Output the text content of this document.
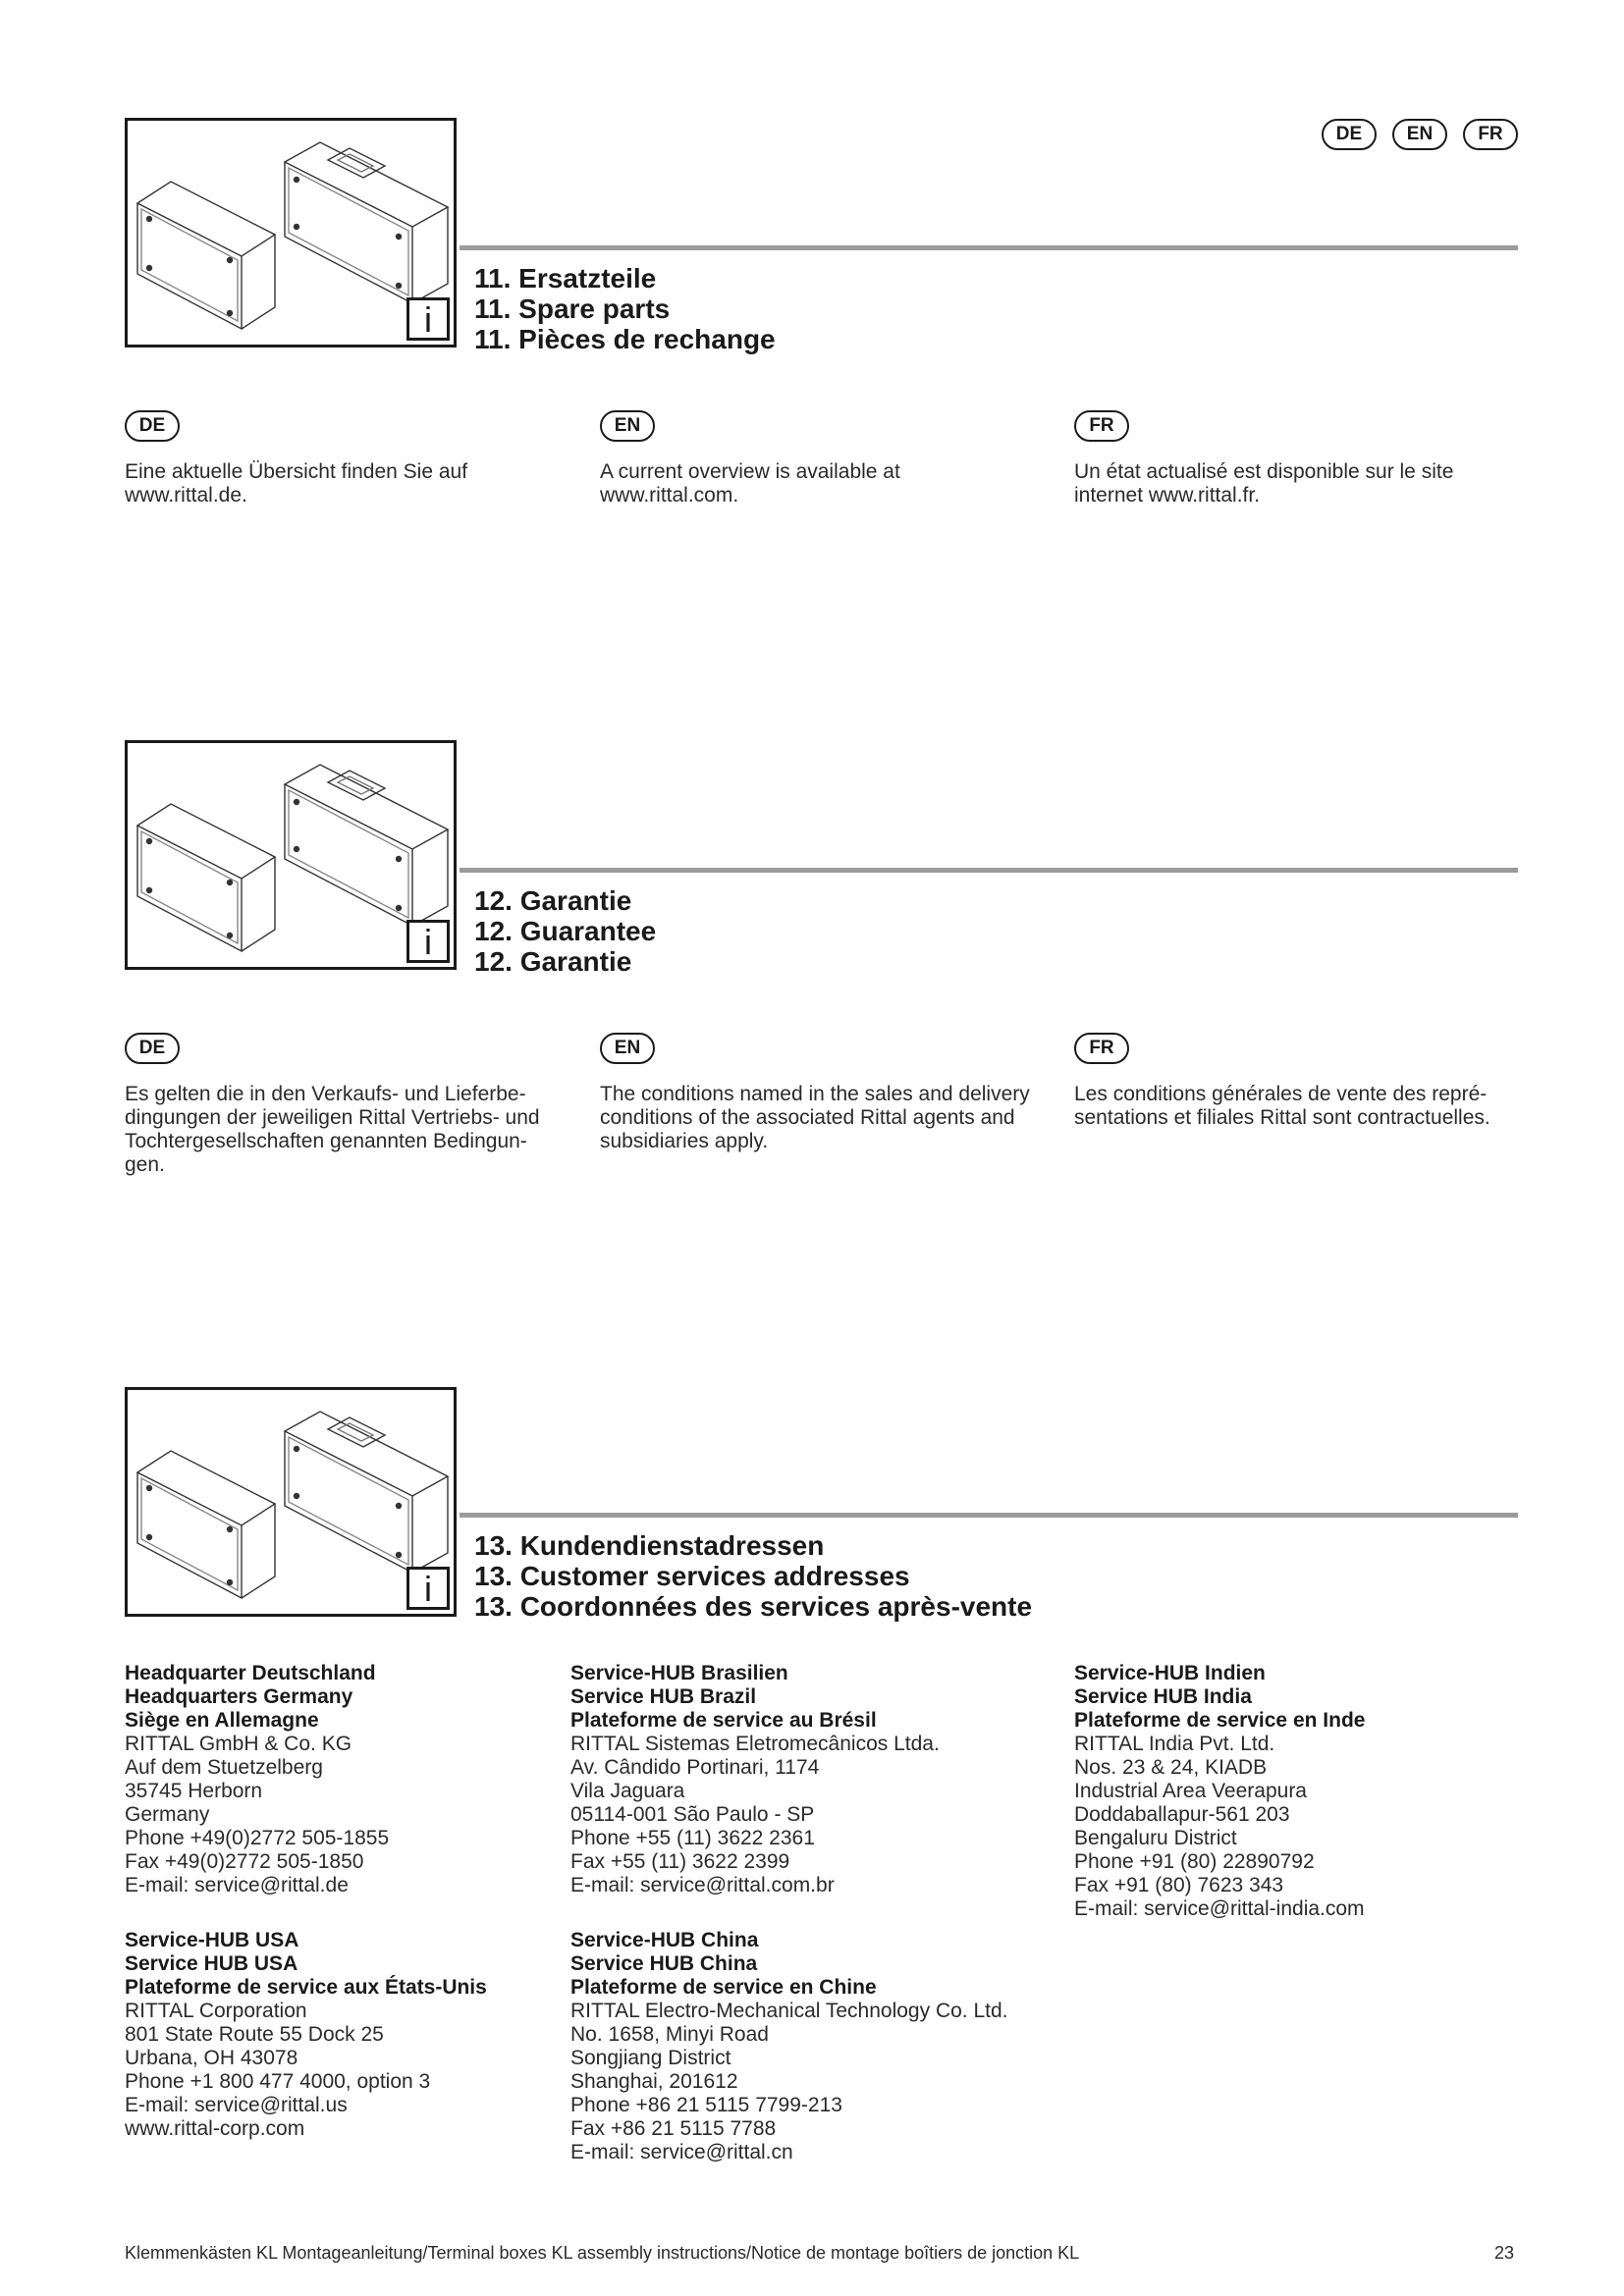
DE	EN	FR
i
11. Ersatzteile
11. Spare parts
11. Pièces de rechange
DE	EN	FR
Eine aktuelle Übersicht finden Sie auf
www.rittal.de.
A current overview is available at
www.rittal.com.
Un état actualisé est disponible sur le site
internet www.rittal.fr.
i
12. Garantie
12. Guarantee
12. Garantie
DE	EN	FR
Es gelten die in den Verkaufs- und Lieferbe-
dingungen der jeweiligen Rittal Vertriebs- und
Tochtergesellschaften genannten Bedingun-
gen.
The conditions named in the sales and delivery
conditions of the associated Rittal agents and
subsidiaries apply.
Les conditions générales de vente des repré-
sentations et filiales Rittal sont contractuelles.
i
13. Kundendienstadressen
13. Customer services addresses
13. Coordonnées des services après-vente
Headquarter Deutschland
Headquarters Germany
Siège en Allemagne
RITTAL GmbH & Co. KG
Auf dem Stuetzelberg
35745 Herborn
Germany
Phone +49(0)2772 505-1855
Fax +49(0)2772 505-1850
E-mail: service@rittal.de
Service-HUB Brasilien
Service HUB Brazil
Plateforme de service au Brésil
RITTAL Sistemas Eletromecânicos Ltda.
Av. Cândido Portinari, 1174
Vila Jaguara
05114-001 São Paulo - SP
Phone +55 (11) 3622 2361
Fax +55 (11) 3622 2399
E-mail: service@rittal.com.br
Service-HUB Indien
Service HUB India
Plateforme de service en Inde
RITTAL India Pvt. Ltd.
Nos. 23 & 24, KIADB
Industrial Area Veerapura
Doddaballapur-561 203
Bengaluru District
Phone +91 (80) 22890792
Fax +91 (80) 7623 343
E-mail: service@rittal-india.com
Service-HUB USA
Service HUB USA
Plateforme de service aux États-Unis
RITTAL Corporation
801 State Route 55 Dock 25
Urbana, OH 43078
Phone +1 800 477 4000, option 3
E-mail: service@rittal.us
www.rittal-corp.com
Service-HUB China
Service HUB China
Plateforme de service en Chine
RITTAL Electro-Mechanical Technology Co. Ltd.
No. 1658, Minyi Road
Songjiang District
Shanghai, 201612
Phone +86 21 5115 7799-213
Fax +86 21 5115 7788
E-mail: service@rittal.cn
Klemmenkästen KL Montageanleitung/Terminal boxes KL assembly instructions/Notice de montage boîtiers de jonction KL	23
